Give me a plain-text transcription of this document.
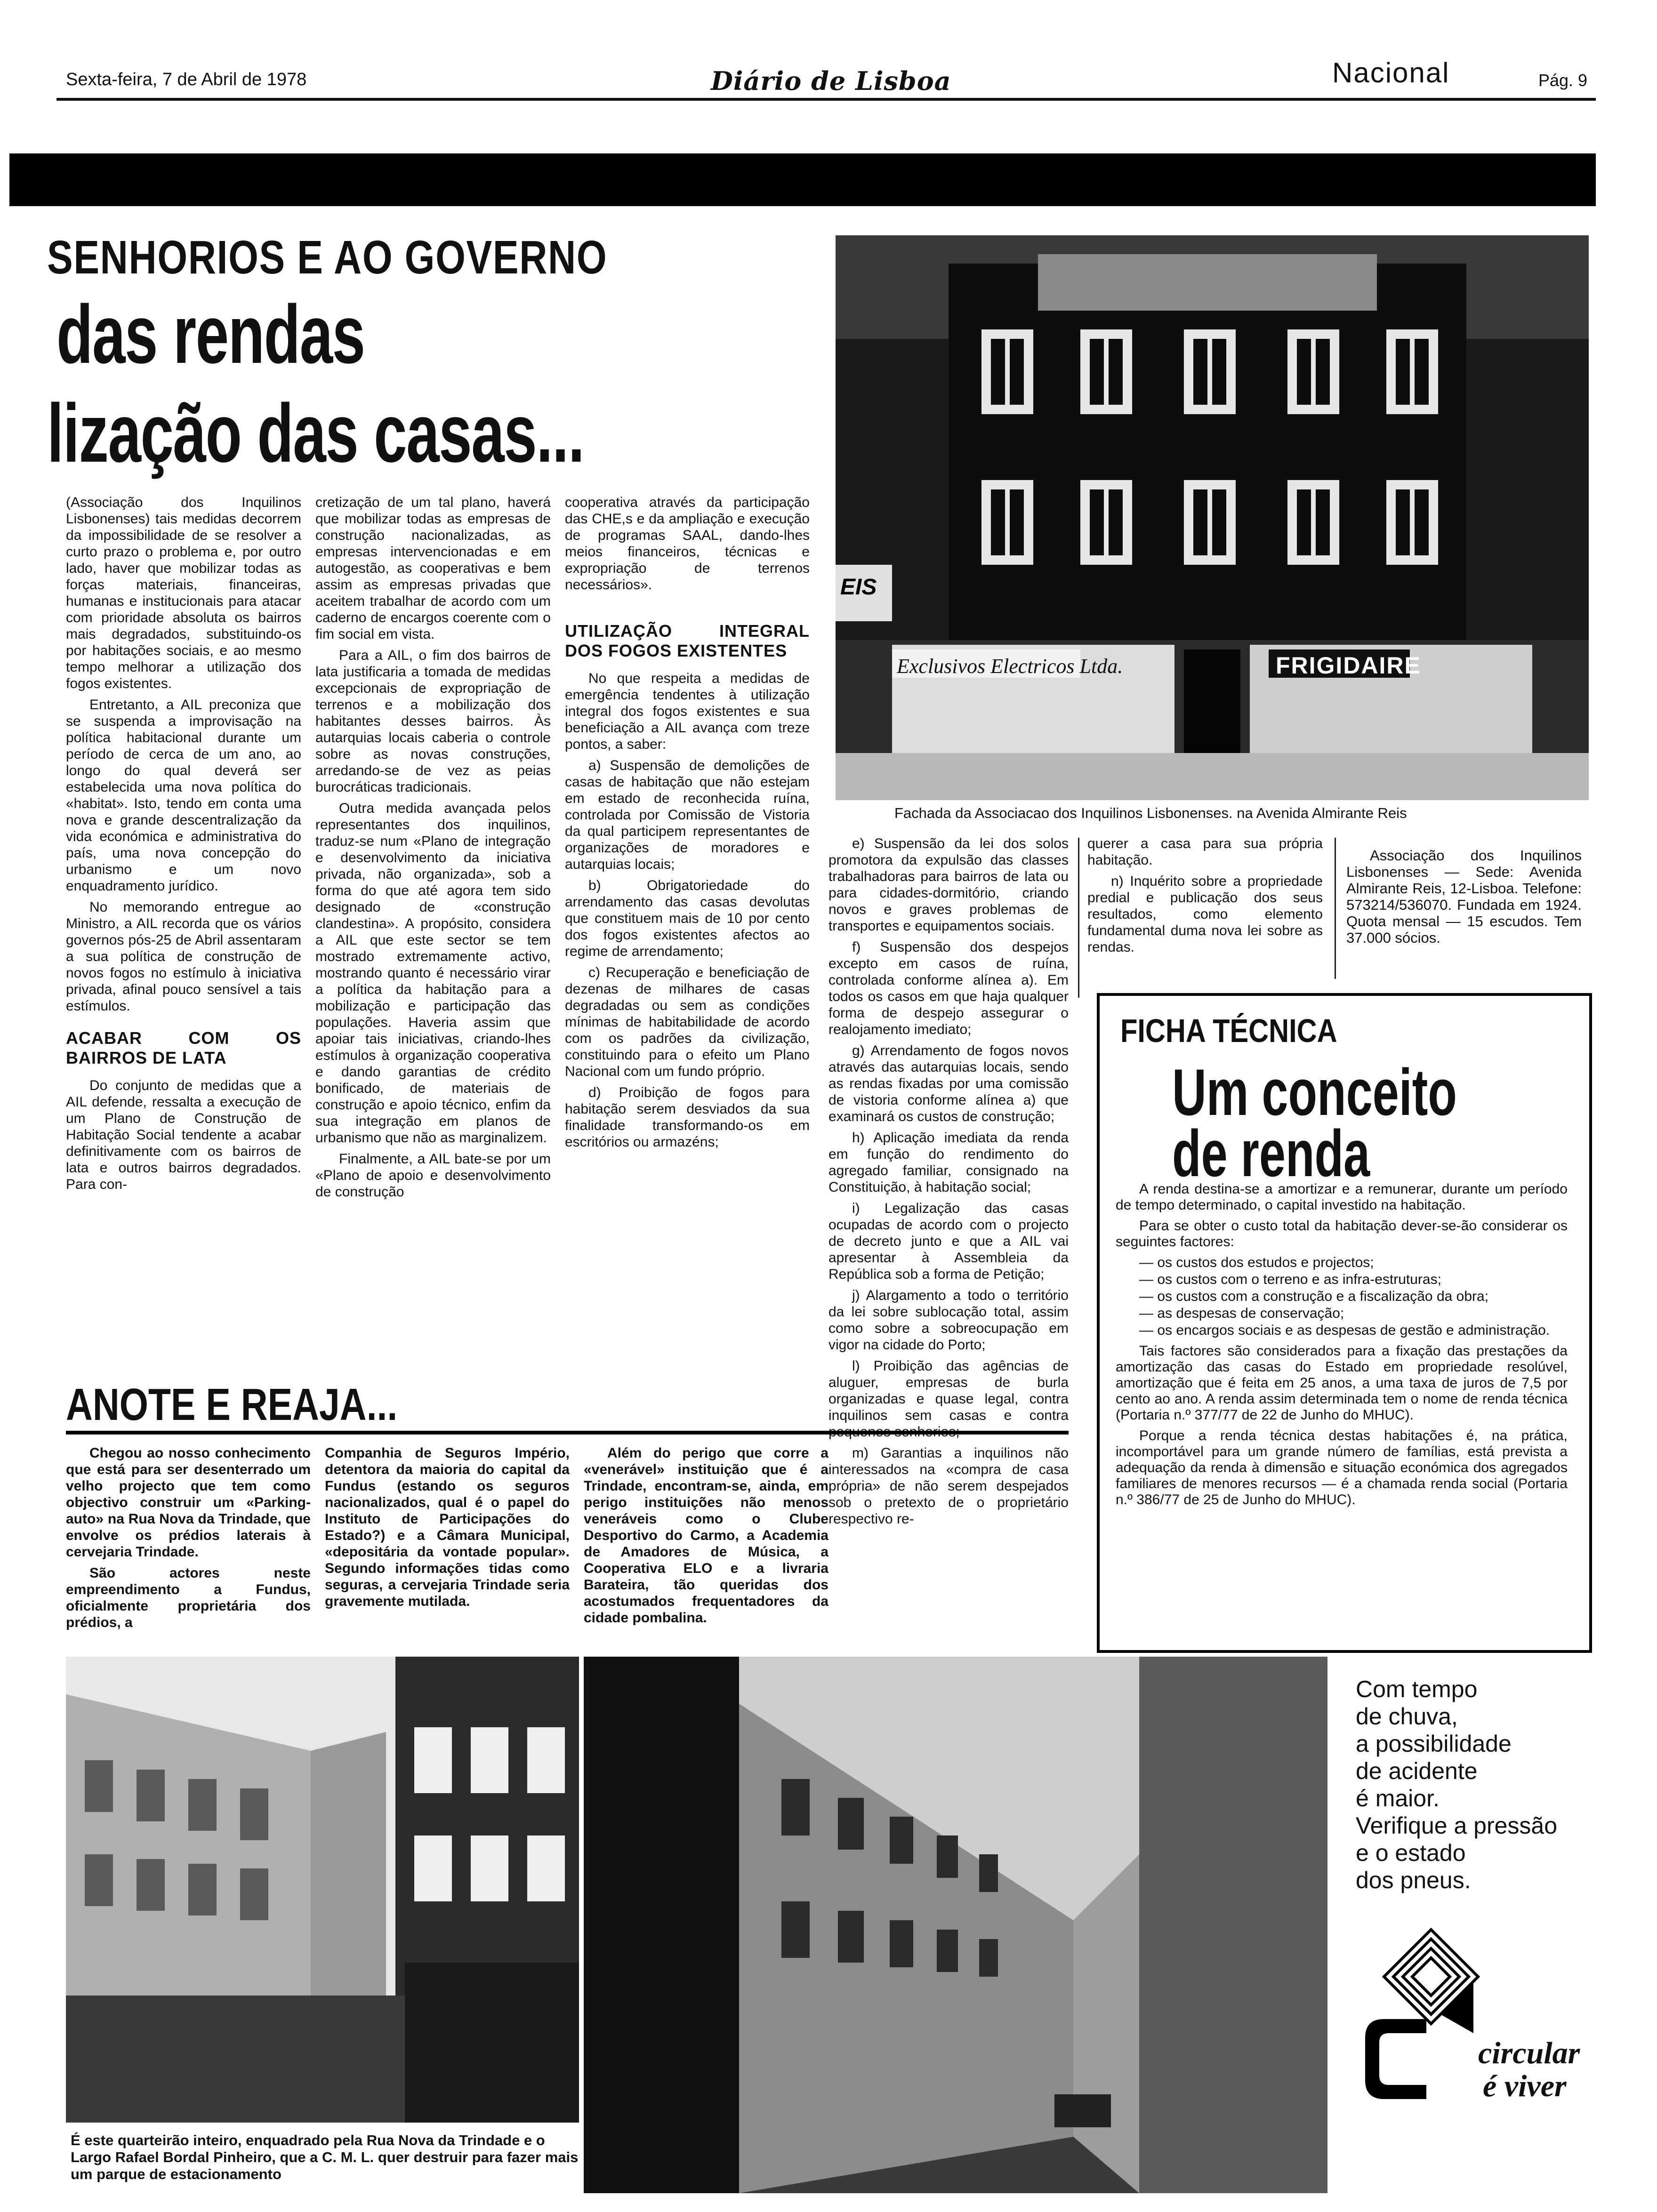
Sexta-feira, 7 de Abril de 1978	Diário de Lisboa	Nacional	Pág. 9
SENHORIOS E AO GOVERNO
das rendas
lização das casas...

(Associação dos Inquilinos Lisbonenses) tais medidas decorrem da impossibilidade de se resolver a curto prazo o problema e, por outro lado, haver que mobilizar todas as forças materiais, financeiras, humanas e institucionais para atacar com prioridade absoluta os bairros mais degradados, substituindo-os por habitações sociais, e ao mesmo tempo melhorar a utilização dos fogos existentes.

Entretanto, a AIL preconiza que se suspenda a improvisação na política habitacional durante um período de cerca de um ano, ao longo do qual deverá ser estabelecida uma nova política do «habitat». Isto, tendo em conta uma nova e grande descentralização da vida económica e administrativa do país, uma nova concepção do urbanismo e um novo enquadramento jurídico.

No memorando entregue ao Ministro, a AIL recorda que os vários governos pós-25 de Abril assentaram a sua política de construção de novos fogos no estímulo à iniciativa privada, afinal pouco sensível a tais estímulos.

ACABAR COM OS BAIRROS DE LATA

Do conjunto de medidas que a AIL defende, ressalta a execução de um Plano de Construção de Habitação Social tendente a acabar definitivamente com os bairros de lata e outros bairros degradados. Para con-

cretização de um tal plano, haverá que mobilizar todas as empresas de construção nacionalizadas, as empresas intervencionadas e em autogestão, as cooperativas e bem assim as empresas privadas que aceitem trabalhar de acordo com um caderno de encargos coerente com o fim social em vista.

Para a AIL, o fim dos bairros de lata justificaria a tomada de medidas excepcionais de expropriação de terrenos e a mobilização dos habitantes desses bairros. Às autarquias locais caberia o controle sobre as novas construções, arredando-se de vez as peias burocráticas tradicionais.

Outra medida avançada pelos representantes dos inquilinos, traduz-se num «Plano de integração e desenvolvimento da iniciativa privada, não organizada», sob a forma do que até agora tem sido designado de «construção clandestina». A propósito, considera a AIL que este sector se tem mostrado extremamente activo, mostrando quanto é necessário virar a política da habitação para a mobilização e participação das populações. Haveria assim que apoiar tais iniciativas, criando-lhes estímulos à organização cooperativa e dando garantias de crédito bonificado, de materiais de construção e apoio técnico, enfim da sua integração em planos de urbanismo que não as marginalizem.

Finalmente, a AIL bate-se por um «Plano de apoio e desenvolvimento de construção

cooperativa através da participação das CHE,s e da ampliação e execução de programas SAAL, dando-lhes meios financeiros, técnicas e expropriação de terrenos necessários».

UTILIZAÇÃO INTEGRAL DOS FOGOS EXISTENTES

No que respeita a medidas de emergência tendentes à utilização integral dos fogos existentes e sua beneficiação a AIL avança com treze pontos, a saber:

a) Suspensão de demolições de casas de habitação que não estejam em estado de reconhecida ruína, controlada por Comissão de Vistoria da qual participem representantes de organizações de moradores e autarquias locais;

b) Obrigatoriedade do arrendamento das casas devolutas que constituem mais de 10 por cento dos fogos existentes afectos ao regime de arrendamento;

c) Recuperação e beneficiação de dezenas de milhares de casas degradadas ou sem as condições mínimas de habitabilidade de acordo com os padrões da civilização, constituindo para o efeito um Plano Nacional com um fundo próprio.

d) Proibição de fogos para habitação serem desviados da sua finalidade transformando-os em escritórios ou armazéns;

EIS
Exclusivos Electricos Ltda.	FRIGIDAIRE
Fachada da Associacao dos Inquilinos Lisbonenses. na Avenida Almirante Reis

e) Suspensão da lei dos solos promotora da expulsão das classes trabalhadoras para bairros de lata ou para cidades-dormitório, criando novos e graves problemas de transportes e equipamentos sociais.

f) Suspensão dos despejos excepto em casos de ruína, controlada conforme alínea a). Em todos os casos em que haja qualquer forma de despejo assegurar o realojamento imediato;

g) Arrendamento de fogos novos através das autarquias locais, sendo as rendas fixadas por uma comissão de vistoria conforme alínea a) que examinará os custos de construção;

h) Aplicação imediata da renda em função do rendimento do agregado familiar, consignado na Constituição, à habitação social;

i) Legalização das casas ocupadas de acordo com o projecto de decreto junto e que a AIL vai apresentar à Assembleia da República sob a forma de Petição;

j) Alargamento a todo o território da lei sobre sublocação total, assim como sobre a sobreocupação em vigor na cidade do Porto;

l) Proibição das agências de aluguer, empresas de burla organizadas e quase legal, contra inquilinos sem casas e contra

m) Garantias a inquilinos não interessados na «compra de casa própria» de não serem despejados sob o pretexto de o proprietário respectivo re-

querer a casa para sua própria habitação.

n) Inquérito sobre a propriedade predial e publicação dos seus resultados, como elemento fundamental duma nova lei sobre as rendas.

Associação dos Inquilinos Lisbonenses — Sede: Avenida Almirante Reis, 12-Lisboa. Telefone: 573214/536070. Fundada em 1924. Quota mensal — 15 escudos. Tem 37.000 sócios.

FICHA TÉCNICA
Um conceito
de renda

A renda destina-se a amortizar e a remunerar, durante um período de tempo determinado, o capital investido na habitação.

Para se obter o custo total da habitação dever-se-ão considerar os seguintes factores:

— os custos dos estudos e projectos;

— os custos com o terreno e as infra-estruturas;

— os custos com a construção e a fiscalização da obra;

— as despesas de conservação;

— os encargos sociais e as despesas de gestão e administração.

Tais factores são considerados para a fixação das prestações da amortização das casas do Estado em propriedade resolúvel, amortização que é feita em 25 anos, a uma taxa de juros de 7,5 por cento ao ano. A renda assim determinada tem o nome de renda técnica (Portaria n.º 377/77 de 22 de Junho do MHUC).

Porque a renda técnica destas habitações é, na prática, incomportável para um grande número de famílias, está prevista a adequação da renda à dimensão e situação económica dos agregados familiares de menores recursos — é a chamada renda social (Portaria n.º 386/77 de 25 de Junho do MHUC).

ANOTE E REAJA...

Chegou ao nosso conhecimento que está para ser desenterrado um velho projecto que tem como objectivo construir um «Parking-auto» na Rua Nova da Trindade, que envolve os prédios laterais à cervejaria Trindade.

São actores neste empreendimento a Fundus, oficialmente proprietária dos prédios, a

Companhia de Seguros Império, detentora da maioria do capital da Fundus (estando os seguros nacionalizados, qual é o papel do Instituto de Participações do Estado?) e a Câmara Municipal, «depositária da vontade popular». Segundo informações tidas como seguras, a cervejaria Trindade seria gravemente mutilada.

Além do perigo que corre a «venerável» instituição que é a Trindade, encontram-se, ainda, em perigo instituições não menos veneráveis como o Clube Desportivo do Carmo, a Academia de Amadores de Música, a Cooperativa ELO e a livraria Barateira, tão queridas dos acostumados frequentadores da cidade pombalina.

É este quarteirão inteiro, enquadrado pela Rua Nova da Trindade e o Largo Rafael Bordal Pinheiro, que a C. M. L. quer destruir para fazer mais um parque de estacionamento
Com tempo
de chuva,
a possibilidade
de acidente
é maior.
Verifique a pressão
e o estado
dos pneus.
circular
é viver
